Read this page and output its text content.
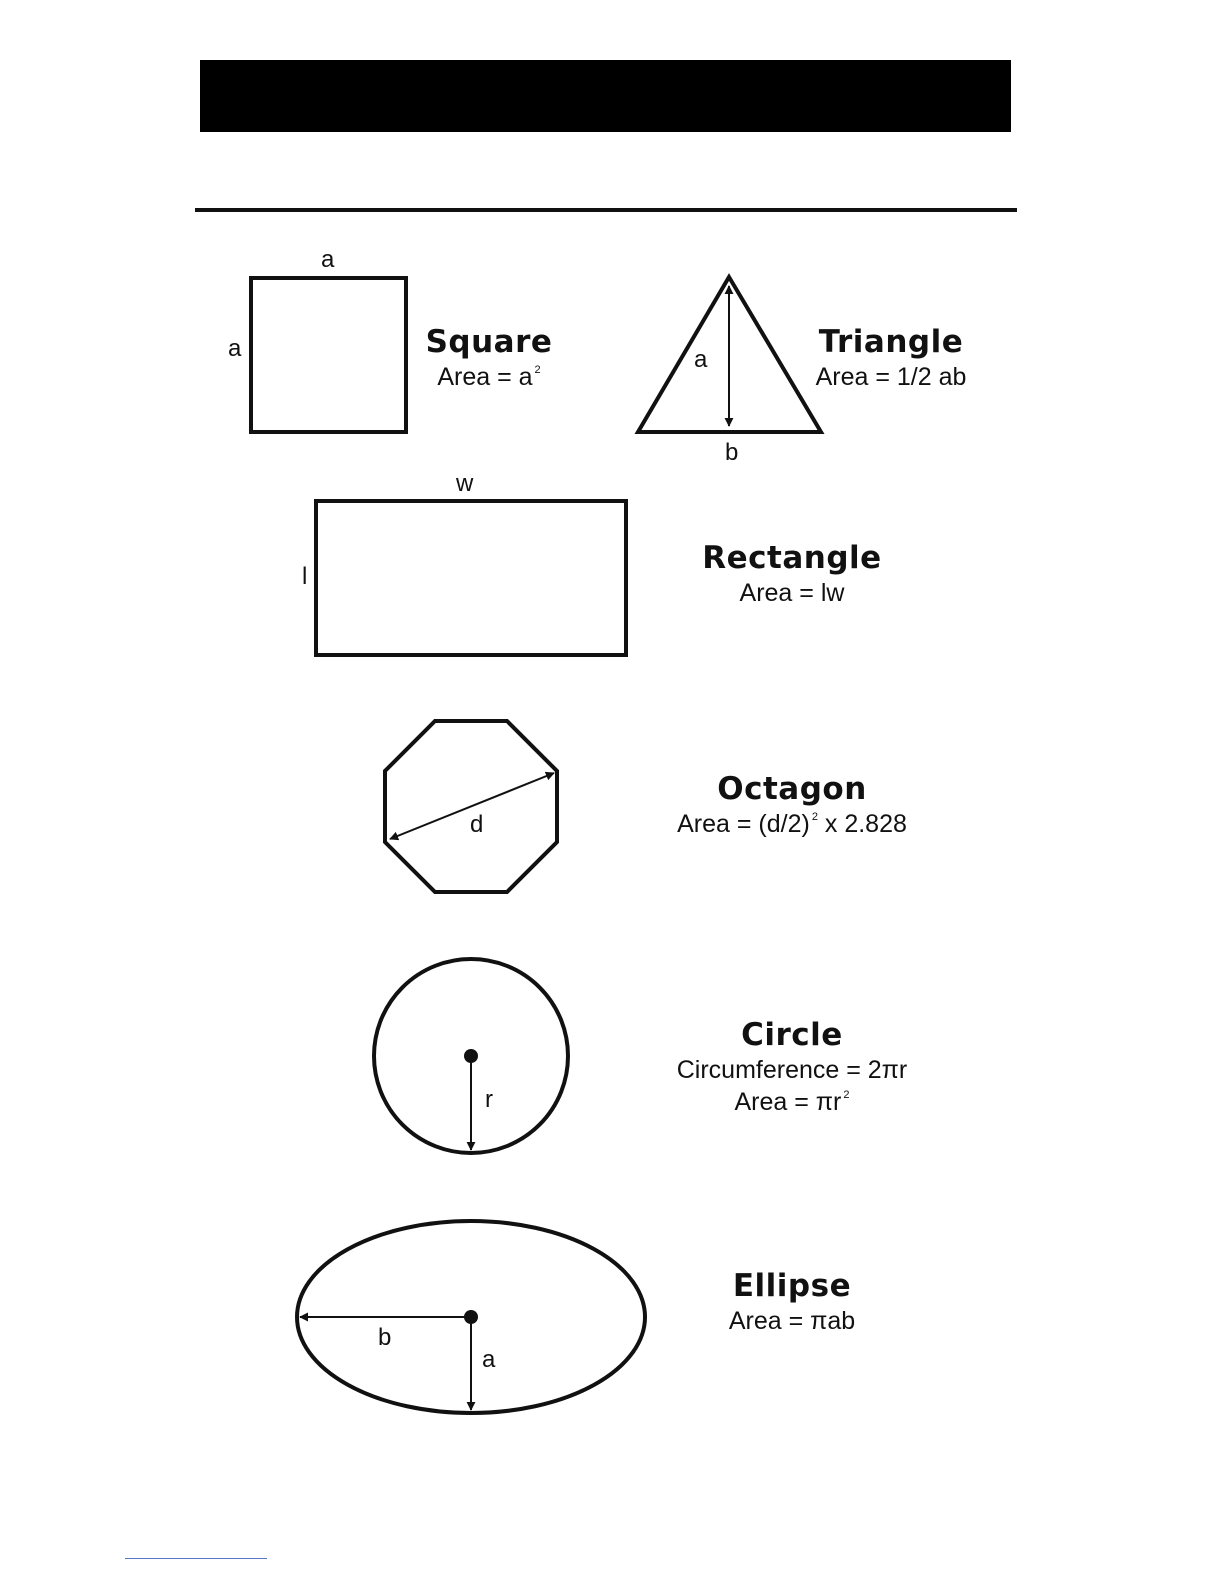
a
a	a
b
w
l
d
r
b
a
Square
Area = a $^2$
Triangle
Area = 1/2 ab
Rectangle
Area = lw
Octagon
Area = (d/2) $^2$ x 2.828
Circle
Circumference = 2πr
Area = πr $^2$
Ellipse
Area = πab
